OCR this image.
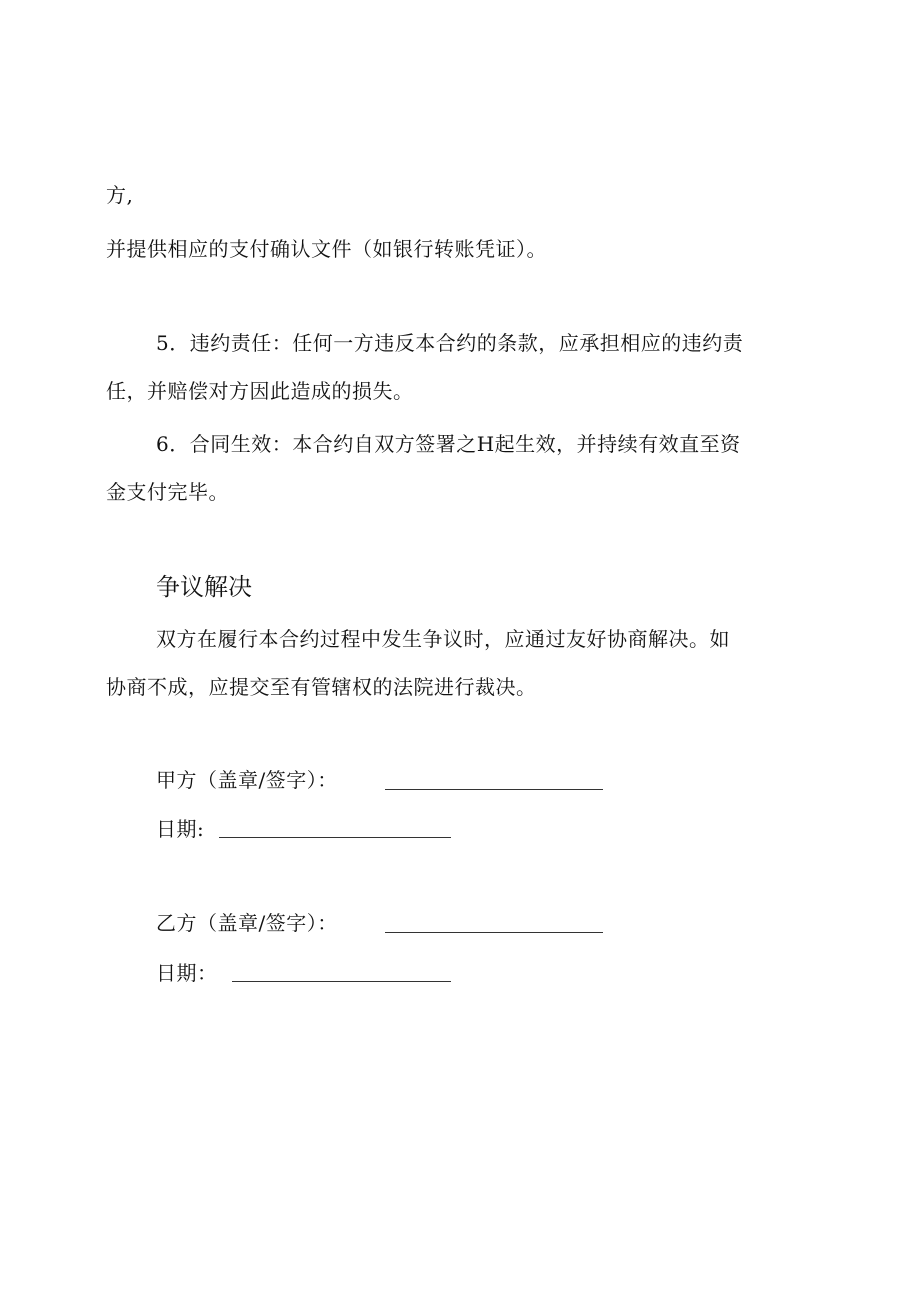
方,
并提供相应的支付确认文件（如银行转账凭证）。
5．违约责任：任何一方违反本合约的条款，应承担相应的违约责
任，并赔偿对方因此造成的损失。
6．合同生效：本合约自双方签署之H起生效，并持续有效直至资
金支付完毕。
争议解决
双方在履行本合约过程中发生争议时，应通过友好协商解决。如
协商不成，应提交至有管辖权的法院进行裁决。
甲方（盖章/签字）：
日期:
乙方（盖章/签字）：
日期：
